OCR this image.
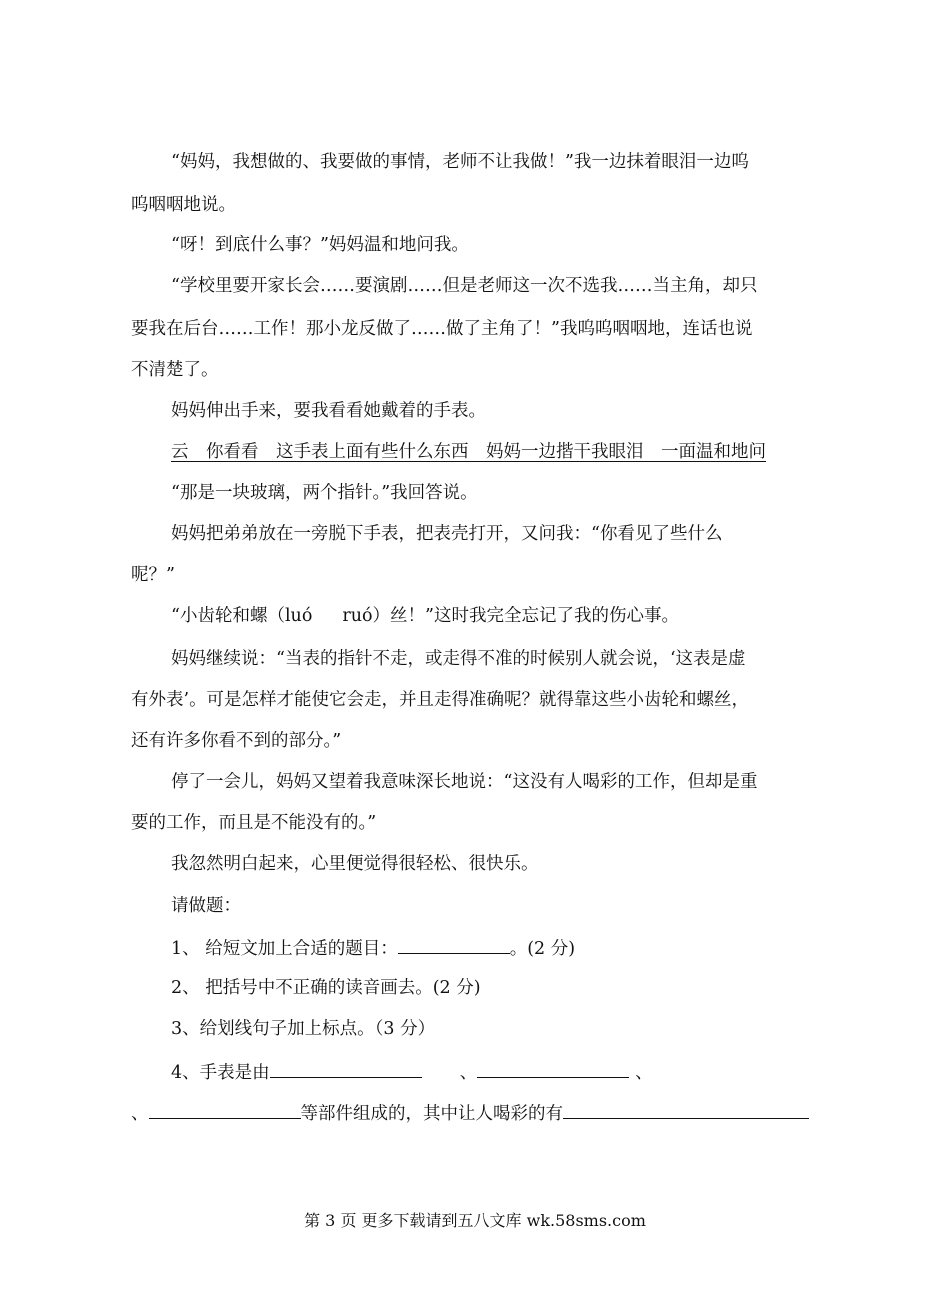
“妈妈，我想做的、我要做的事情，老师不让我做！”我一边抹着眼泪一边呜
呜咽咽地说。
“呀！到底什么事？”妈妈温和地问我。
“学校里要开家长会……要演剧……但是老师这一次不选我……当主角，却只
要我在后台……工作！那小龙反做了……做了主角了！”我呜呜咽咽地，连话也说
不清楚了。
妈妈伸出手来，要我看看她戴着的手表。
云　你看看　这手表上面有些什么东西　妈妈一边揩干我眼泪　一面温和地问
“那是一块玻璃，两个指针。”我回答说。
妈妈把弟弟放在一旁脱下手表，把表壳打开，又问我：“你看见了些什么
呢？”
“小齿轮和螺（luó ruó）丝！”这时我完全忘记了我的伤心事。
妈妈继续说：“当表的指针不走，或走得不准的时候别人就会说，‘这表是虚
有外表’。可是怎样才能使它会走，并且走得准确呢？就得靠这些小齿轮和螺丝，
还有许多你看不到的部分。”
停了一会儿，妈妈又望着我意味深长地说：“这没有人喝彩的工作，但却是重
要的工作，而且是不能没有的。”
我忽然明白起来，心里便觉得很轻松、很快乐。
请做题：
1、 给短文加上合适的题目：	。(2 分)
2、 把括号中不正确的读音画去。(2 分)
3、给划线句子加上标点。（3 分）
4、手表是由	、	、
、	等部件组成的，其中让人喝彩的有
第 3 页 更多下载请到五八文库 wk.58sms.com
